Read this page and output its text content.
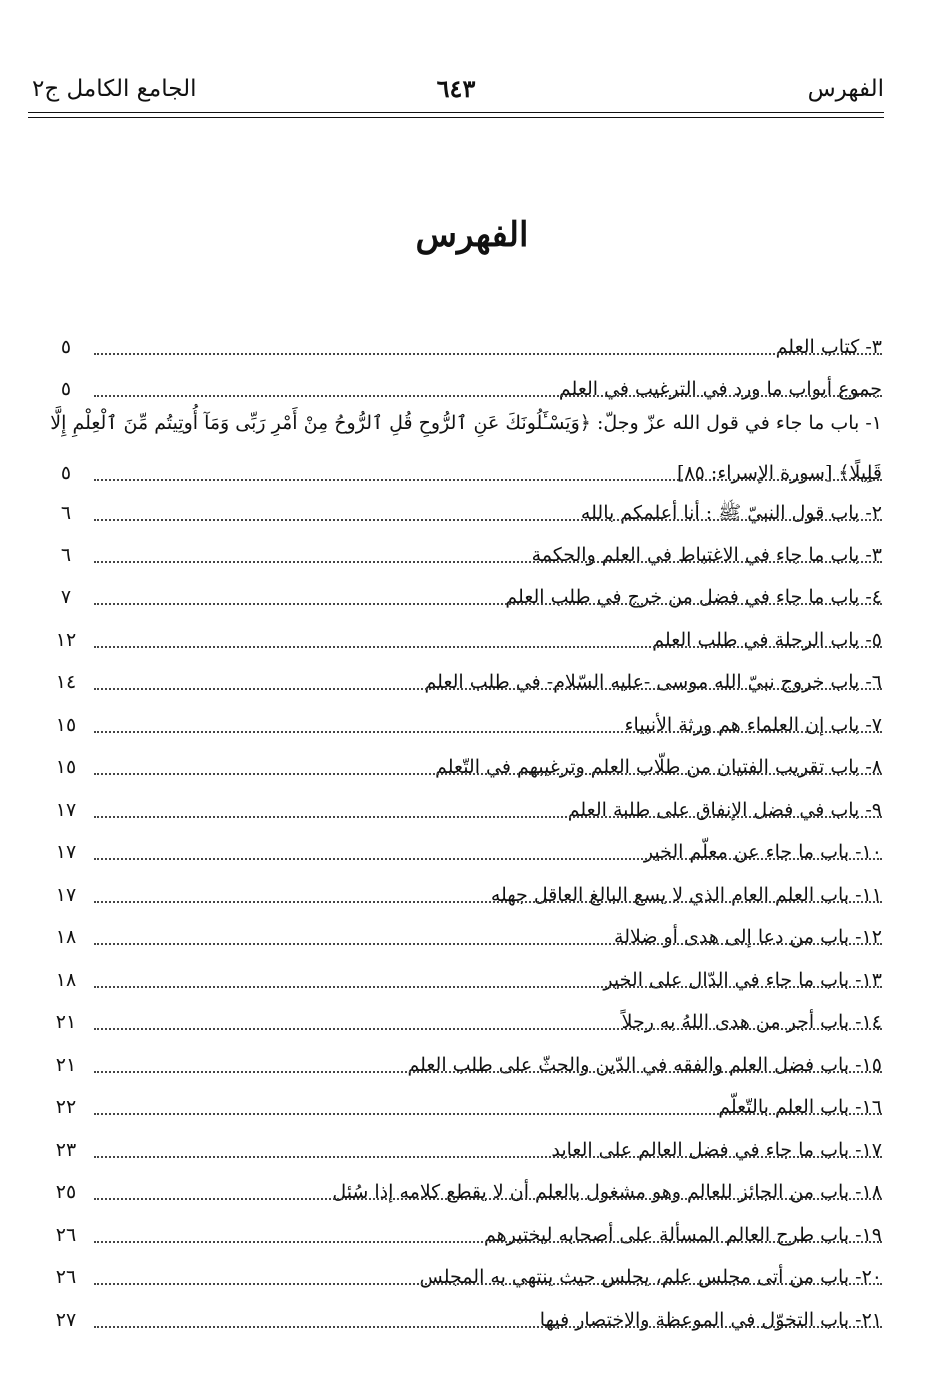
الفهرس
٦٤٣
الجامع الكامل ج٢
الفهرس
٣- كتاب العلم
٥
جموع أبواب ما ورد في الترغيب في العلم
٥
١- باب ما جاء في قول الله عزّ وجلّ: ﴿وَيَسْـَٔلُونَكَ عَنِ ٱلرُّوحِ قُلِ ٱلرُّوحُ مِنْ أَمْرِ رَبِّى وَمَآ أُوتِيتُم مِّنَ ٱلْعِلْمِ إِلَّا
قَلِيلًا﴾ [سورة الإسراء: ٨٥]
٥
٢- باب قول النبيّ ﷺ : أنا أعلمكم بالله
٦
٣- باب ما جاء في الاغتباط في العلم والحكمة
٦
٤- باب ما جاء في فضل من خرج في طلب العلم
٧
٥- باب الرحلة في طلب العلم
١٢
٦- باب خروج نبيّ الله موسى -عليه السّلام- في طلب العلم
١٤
٧- باب إن العلماء هم ورثة الأنبياء
١٥
٨- باب تقريب الفتيان من طلّاب العلم وترغيبهم في التّعلم
١٥
٩- باب في فضل الإنفاق على طلبة العلم
١٧
١٠- باب ما جاء عن معلّم الخير
١٧
١١- باب العلم العام الذي لا يسع البالغ العاقل جهله
١٧
١٢- باب من دعا إلى هدى أو ضلالة
١٨
١٣- باب ما جاء في الدّال على الخير
١٨
١٤- باب أجر من هدى اللهُ به رجلاً
٢١
١٥- باب فضل العلم والفقه في الدّين والحثّ على طلب العلم
٢١
١٦- باب العلم بالتّعلّم
٢٢
١٧- باب ما جاء في فضل العالم على العابد
٢٣
١٨- باب من الجائز للعالم وهو مشغول بالعلم أن لا يقطع كلامه إذا سُئل
٢٥
١٩- باب طرح العالم المسألة على أصحابه ليختبرهم
٢٦
٢٠- باب من أتى مجلس علم، يجلس حيث ينتهي به المجلس
٢٦
٢١- باب التخوّل في الموعظة والاختصار فيها
٢٧
